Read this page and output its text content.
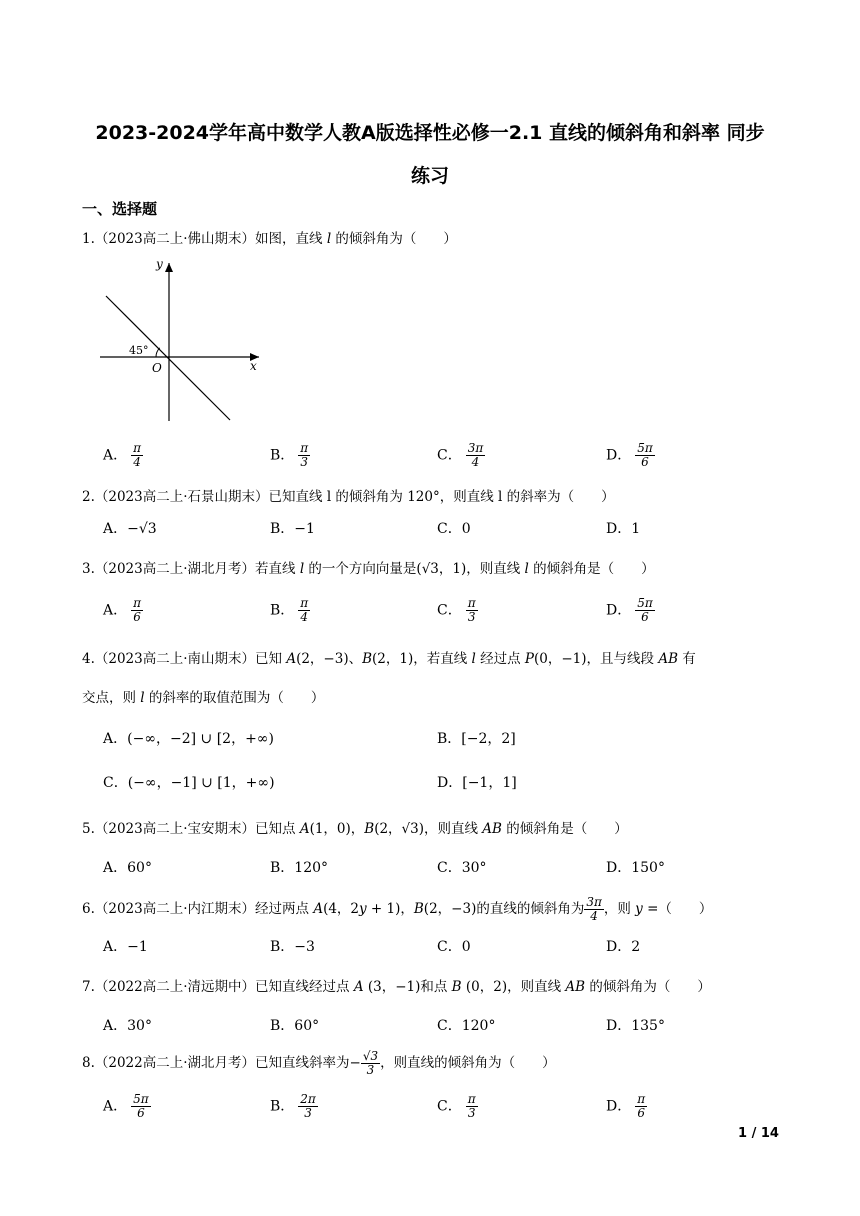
2023-2024学年高中数学人教A版选择性必修一2.1 直线的倾斜角和斜率 同步
练习
一、选择题
1.（2023高二上·佛山期末）如图，直线 𝑙 的倾斜角为（　　）
y
x
O
45°
A． $\frac{\pi}{4}$	B． $\frac{\pi}{3}$	C． $\frac{3\pi}{4}$	D． $\frac{5\pi}{6}$
2.（2023高二上·石景山期末）已知直线 l 的倾斜角为 120°，则直线 l 的斜率为（　　）
A．−√3	B．−1	C．0	D．1
3.（2023高二上·湖北月考）若直线 𝑙 的一个方向向量是(√3，1)，则直线 𝑙 的倾斜角是（　　）
A． $\frac{\pi}{6}$	B． $\frac{\pi}{4}$	C． $\frac{\pi}{3}$	D． $\frac{5\pi}{6}$
4.（2023高二上·南山期末）已知 𝐴(2，−3)、𝐵(2，1)，若直线 𝑙 经过点 𝑃(0，−1)，且与线段 𝐴𝐵 有
交点，则 𝑙 的斜率的取值范围为（　　）
A．(−∞，−2] ∪ [2，+∞)	B．[−2，2]
C．(−∞，−1] ∪ [1，+∞)	D．[−1，1]
5.（2023高二上·宝安期末）已知点 𝐴(1，0)，𝐵(2，√3)，则直线 𝐴𝐵 的倾斜角是（　　）
A．60°	B．120°	C．30°	D．150°
6.（2023高二上·内江期末）经过两点 𝐴(4，2𝑦 + 1)，𝐵(2，−3)的直线的倾斜角为 $\frac{3\pi}{4}$ ，则 𝑦 =（　　）
A．−1	B．−3	C．0	D．2
7.（2022高二上·清远期中）已知直线经过点 𝐴 (3，−1)和点 𝐵 (0，2)，则直线 𝐴𝐵 的倾斜角为（　　）
A．30°	B．60°	C．120°	D．135°
8.（2022高二上·湖北月考）已知直线斜率为− $\frac{√3}{3}$ ，则直线的倾斜角为（　　）
A． $\frac{5\pi}{6}$	B． $\frac{2\pi}{3}$	C． $\frac{\pi}{3}$	D． $\frac{\pi}{6}$
1 / 14
